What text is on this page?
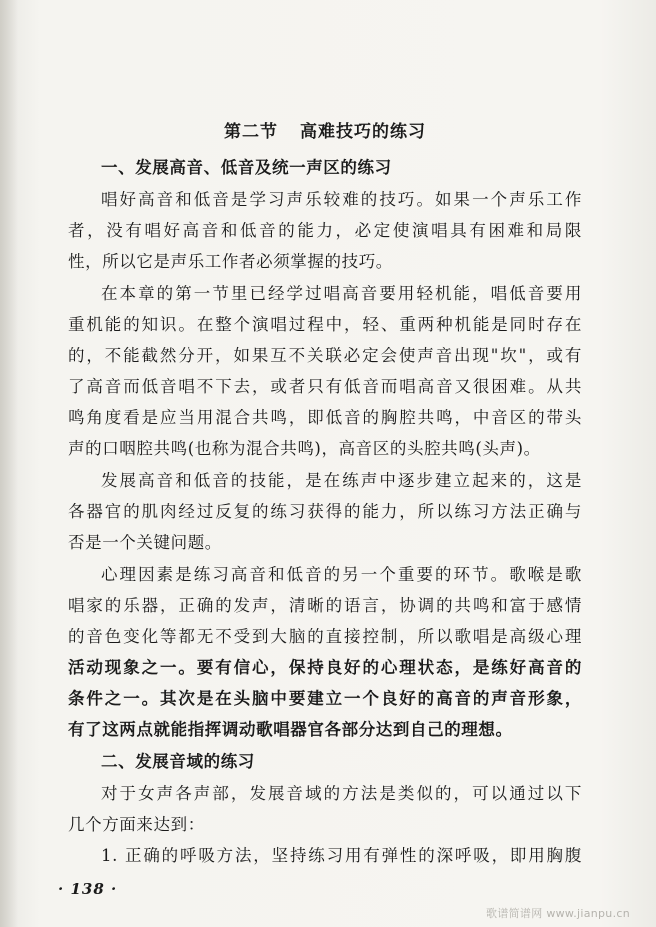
第二节 高难技巧的练习
一、发展高音、低音及统一声区的练习
唱好高音和低音是学习声乐较难的技巧。如果一个声乐工作
者，没有唱好高音和低音的能力，必定使演唱具有困难和局限
性，所以它是声乐工作者必须掌握的技巧。
在本章的第一节里已经学过唱高音要用轻机能，唱低音要用
重机能的知识。在整个演唱过程中，轻、重两种机能是同时存在
的，不能截然分开，如果互不关联必定会使声音出现"坎"，或有
了高音而低音唱不下去，或者只有低音而唱高音又很困难。从共
鸣角度看是应当用混合共鸣，即低音的胸腔共鸣，中音区的带头
声的口咽腔共鸣(也称为混合共鸣)，高音区的头腔共鸣(头声)。
发展高音和低音的技能，是在练声中逐步建立起来的，这是
各器官的肌肉经过反复的练习获得的能力，所以练习方法正确与
否是一个关键问题。
心理因素是练习高音和低音的另一个重要的环节。歌喉是歌
唱家的乐器，正确的发声，清晰的语言，协调的共鸣和富于感情
的音色变化等都无不受到大脑的直接控制，所以歌唱是高级心理
活动现象之一。要有信心，保持良好的心理状态，是练好高音的
条件之一。其次是在头脑中要建立一个良好的高音的声音形象，
有了这两点就能指挥调动歌唱器官各部分达到自己的理想。
二、发展音域的练习
对于女声各声部，发展音域的方法是类似的，可以通过以下
几个方面来达到：
1. 正确的呼吸方法，坚持练习用有弹性的深呼吸，即用胸腹
· 138 ·
歌谱简谱网 www.jianpu.cn
